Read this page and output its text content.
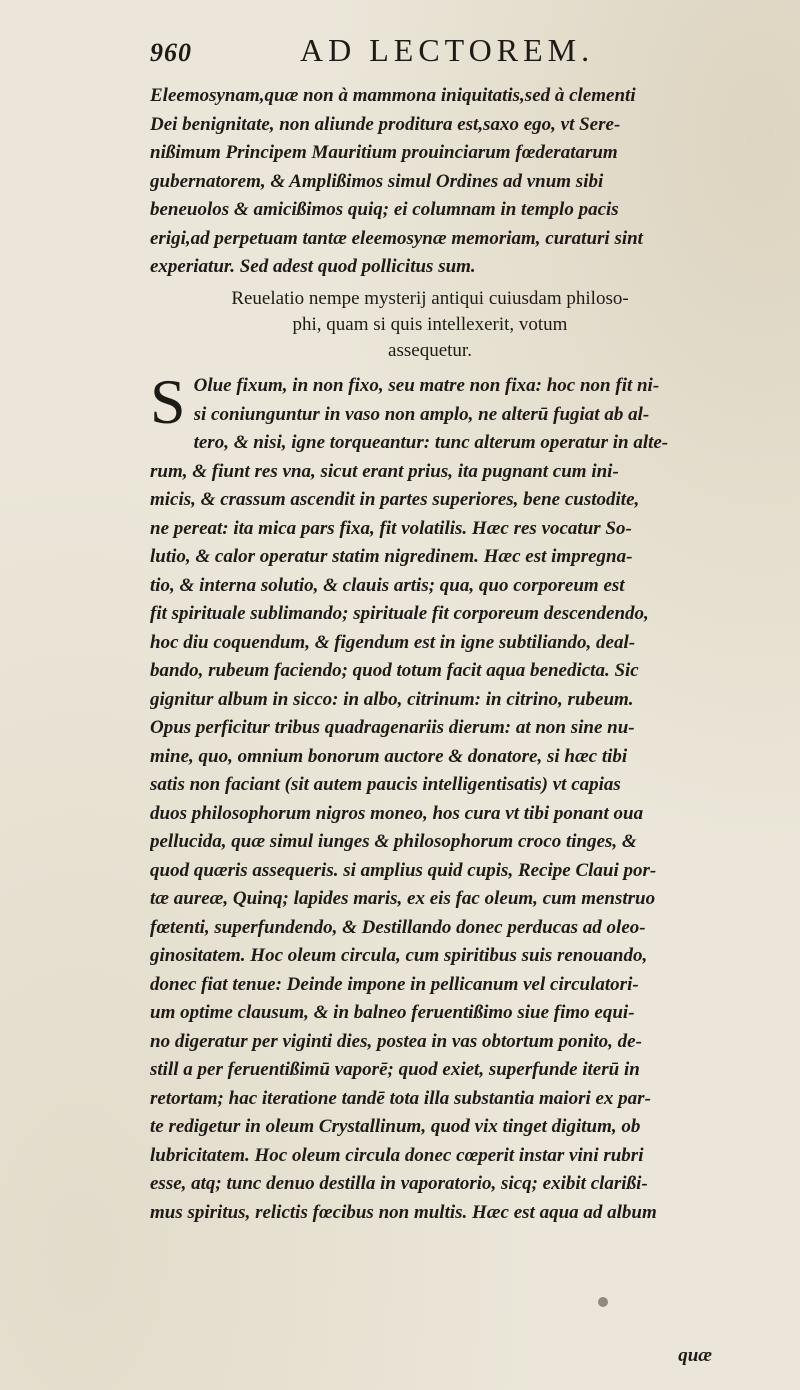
960	AD LECTOREM.

Eleemosynam,quæ non à mammona iniquitatis,sed à clementi
Dei benignitate, non aliunde proditura est,saxo ego, vt Sere-
nißimum Principem Mauritium prouinciarum fœderatarum
gubernatorem, & Amplißimos simul Ordines ad vnum sibi
beneuolos & amicißimos quiq; ei columnam in templo pacis
erigi,ad perpetuam tantæ eleemosynæ memoriam, curaturi sint
experiatur. Sed adest quod pollicitus sum.

Reuelatio nempe mysterij antiqui cuiusdam philoso-
phi, quam si quis intellexerit, votum
assequetur.

S Olue fixum, in non fixo, seu matre non fixa: hoc non fit ni-
si coniunguntur in vaso non amplo, ne alterū fugiat ab al-
tero, & nisi, igne torqueantur: tunc alterum operatur in alte-
rum, & fiunt res vna, sicut erant prius, ita pugnant cum ini-
micis, & crassum ascendit in partes superiores, bene custodite,
ne pereat: ita mica pars fixa, fit volatilis. Hæc res vocatur So-
lutio, & calor operatur statim nigredinem. Hæc est impregna-
tio, & interna solutio, & clauis artis; qua, quo corporeum est
fit spirituale sublimando; spirituale fit corporeum descendendo,
hoc diu coquendum, & figendum est in igne subtiliando, deal-
bando, rubeum faciendo; quod totum facit aqua benedicta. Sic
gignitur album in sicco: in albo, citrinum: in citrino, rubeum.
Opus perficitur tribus quadragenariis dierum: at non sine nu-
mine, quo, omnium bonorum auctore & donatore, si hæc tibi
satis non faciant (sit autem paucis intelligentisatis) vt capias
duos philosophorum nigros moneo, hos cura vt tibi ponant oua
pellucida, quæ simul iunges & philosophorum croco tinges, &
quod quæris assequeris. si amplius quid cupis, Recipe Claui por-
tæ aureæ, Quinq; lapides maris, ex eis fac oleum, cum menstruo
fœtenti, superfundendo, & Destillando donec perducas ad oleo-
ginositatem. Hoc oleum circula, cum spiritibus suis renouando,
donec fiat tenue: Deinde impone in pellicanum vel circulatori-
um optime clausum, & in balneo feruentißimo siue fimo equi-
no digeratur per viginti dies, postea in vas obtortum ponito, de-
still a per feruentißimū vaporē; quod exiet, superfunde iterū in
retortam; hac iteratione tandē tota illa substantia maiori ex par-
te redigetur in oleum Crystallinum, quod vix tinget digitum, ob
lubricitatem. Hoc oleum circula donec cœperit instar vini rubri
esse, atq; tunc denuo destilla in vaporatorio, sicq; exibit clarißi-
mus spiritus, relictis fœcibus non multis. Hæc est aqua ad album

quæ
